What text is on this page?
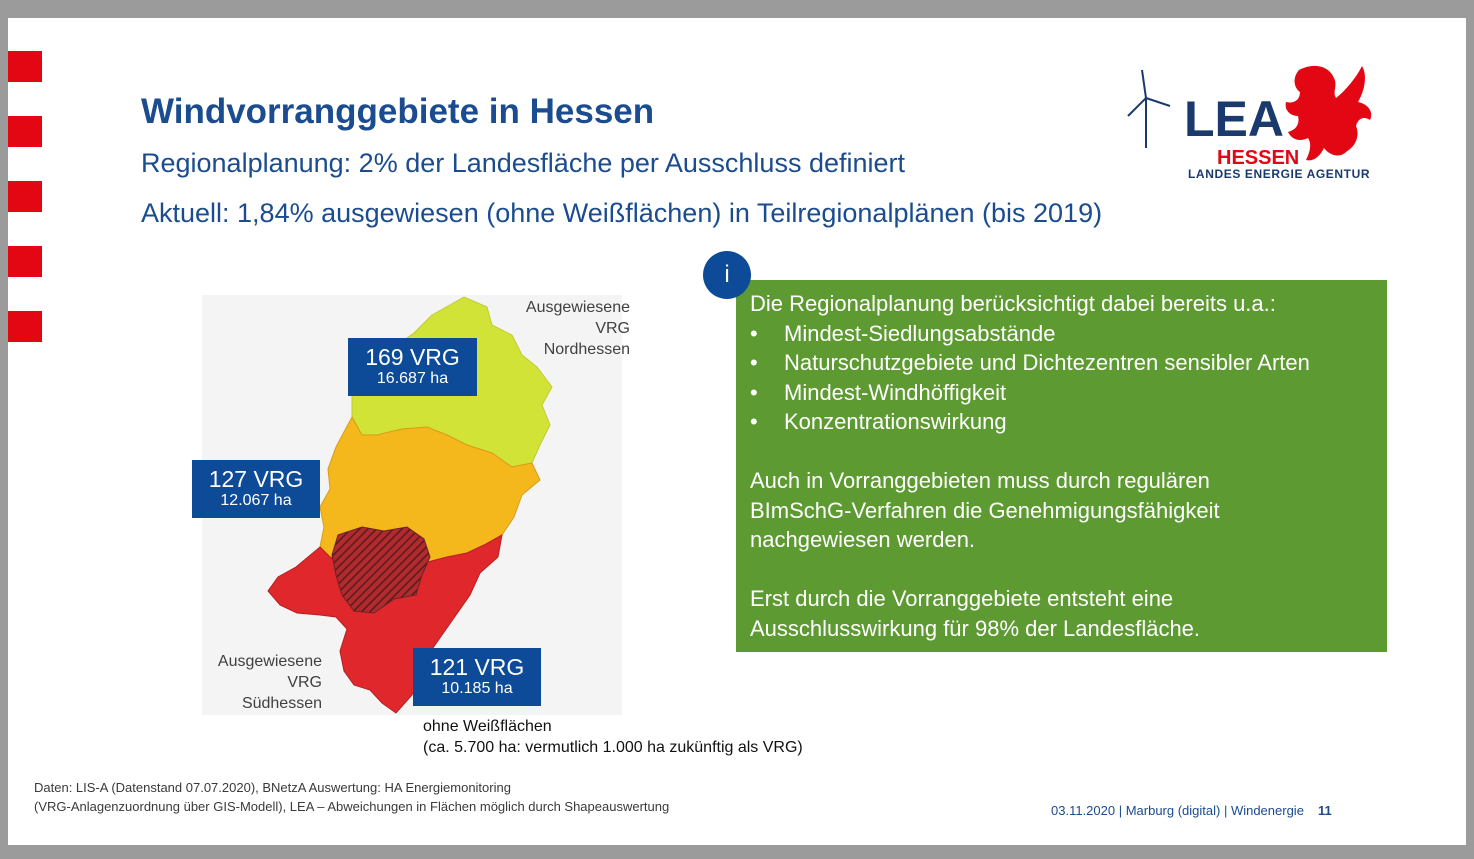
Windvorranggebiete in Hessen
Regionalplanung: 2% der Landesfläche per Ausschluss definiert
Aktuell: 1,84% ausgewiesen (ohne Weißflächen) in Teilregionalplänen (bis 2019)
LEA
HESSEN
LANDES ENERGIE AGENTUR
169 VRG
16.687 ha
127 VRG
12.067 ha
121 VRG
10.185 ha
Ausgewiesene
VRG
Nordhessen
Ausgewiesene
VRG
Südhessen
ohne Weißflächen
(ca. 5.700 ha: vermutlich 1.000 ha zukünftig als VRG)
i

Die Regionalplanung berücksichtigt dabei bereits u.a.:

• Mindest-Siedlungsabstände
• Naturschutzgebiete und Dichtezentren sensibler Arten
• Mindest-Windhöffigkeit
• Konzentrationswirkung

Auch in Vorranggebieten muss durch regulären
BImSchG-Verfahren die Genehmigungsfähigkeit
nachgewiesen werden.

Erst durch die Vorranggebiete entsteht eine
Ausschlusswirkung für 98% der Landesfläche.

Daten: LIS-A (Datenstand 07.07.2020), BNetzA Auswertung: HA Energiemonitoring
(VRG-Anlagenzuordnung über GIS-Modell), LEA – Abweichungen in Flächen möglich durch Shapeauswertung	03.11.2020 | Marburg (digital) | Windenergie 11
